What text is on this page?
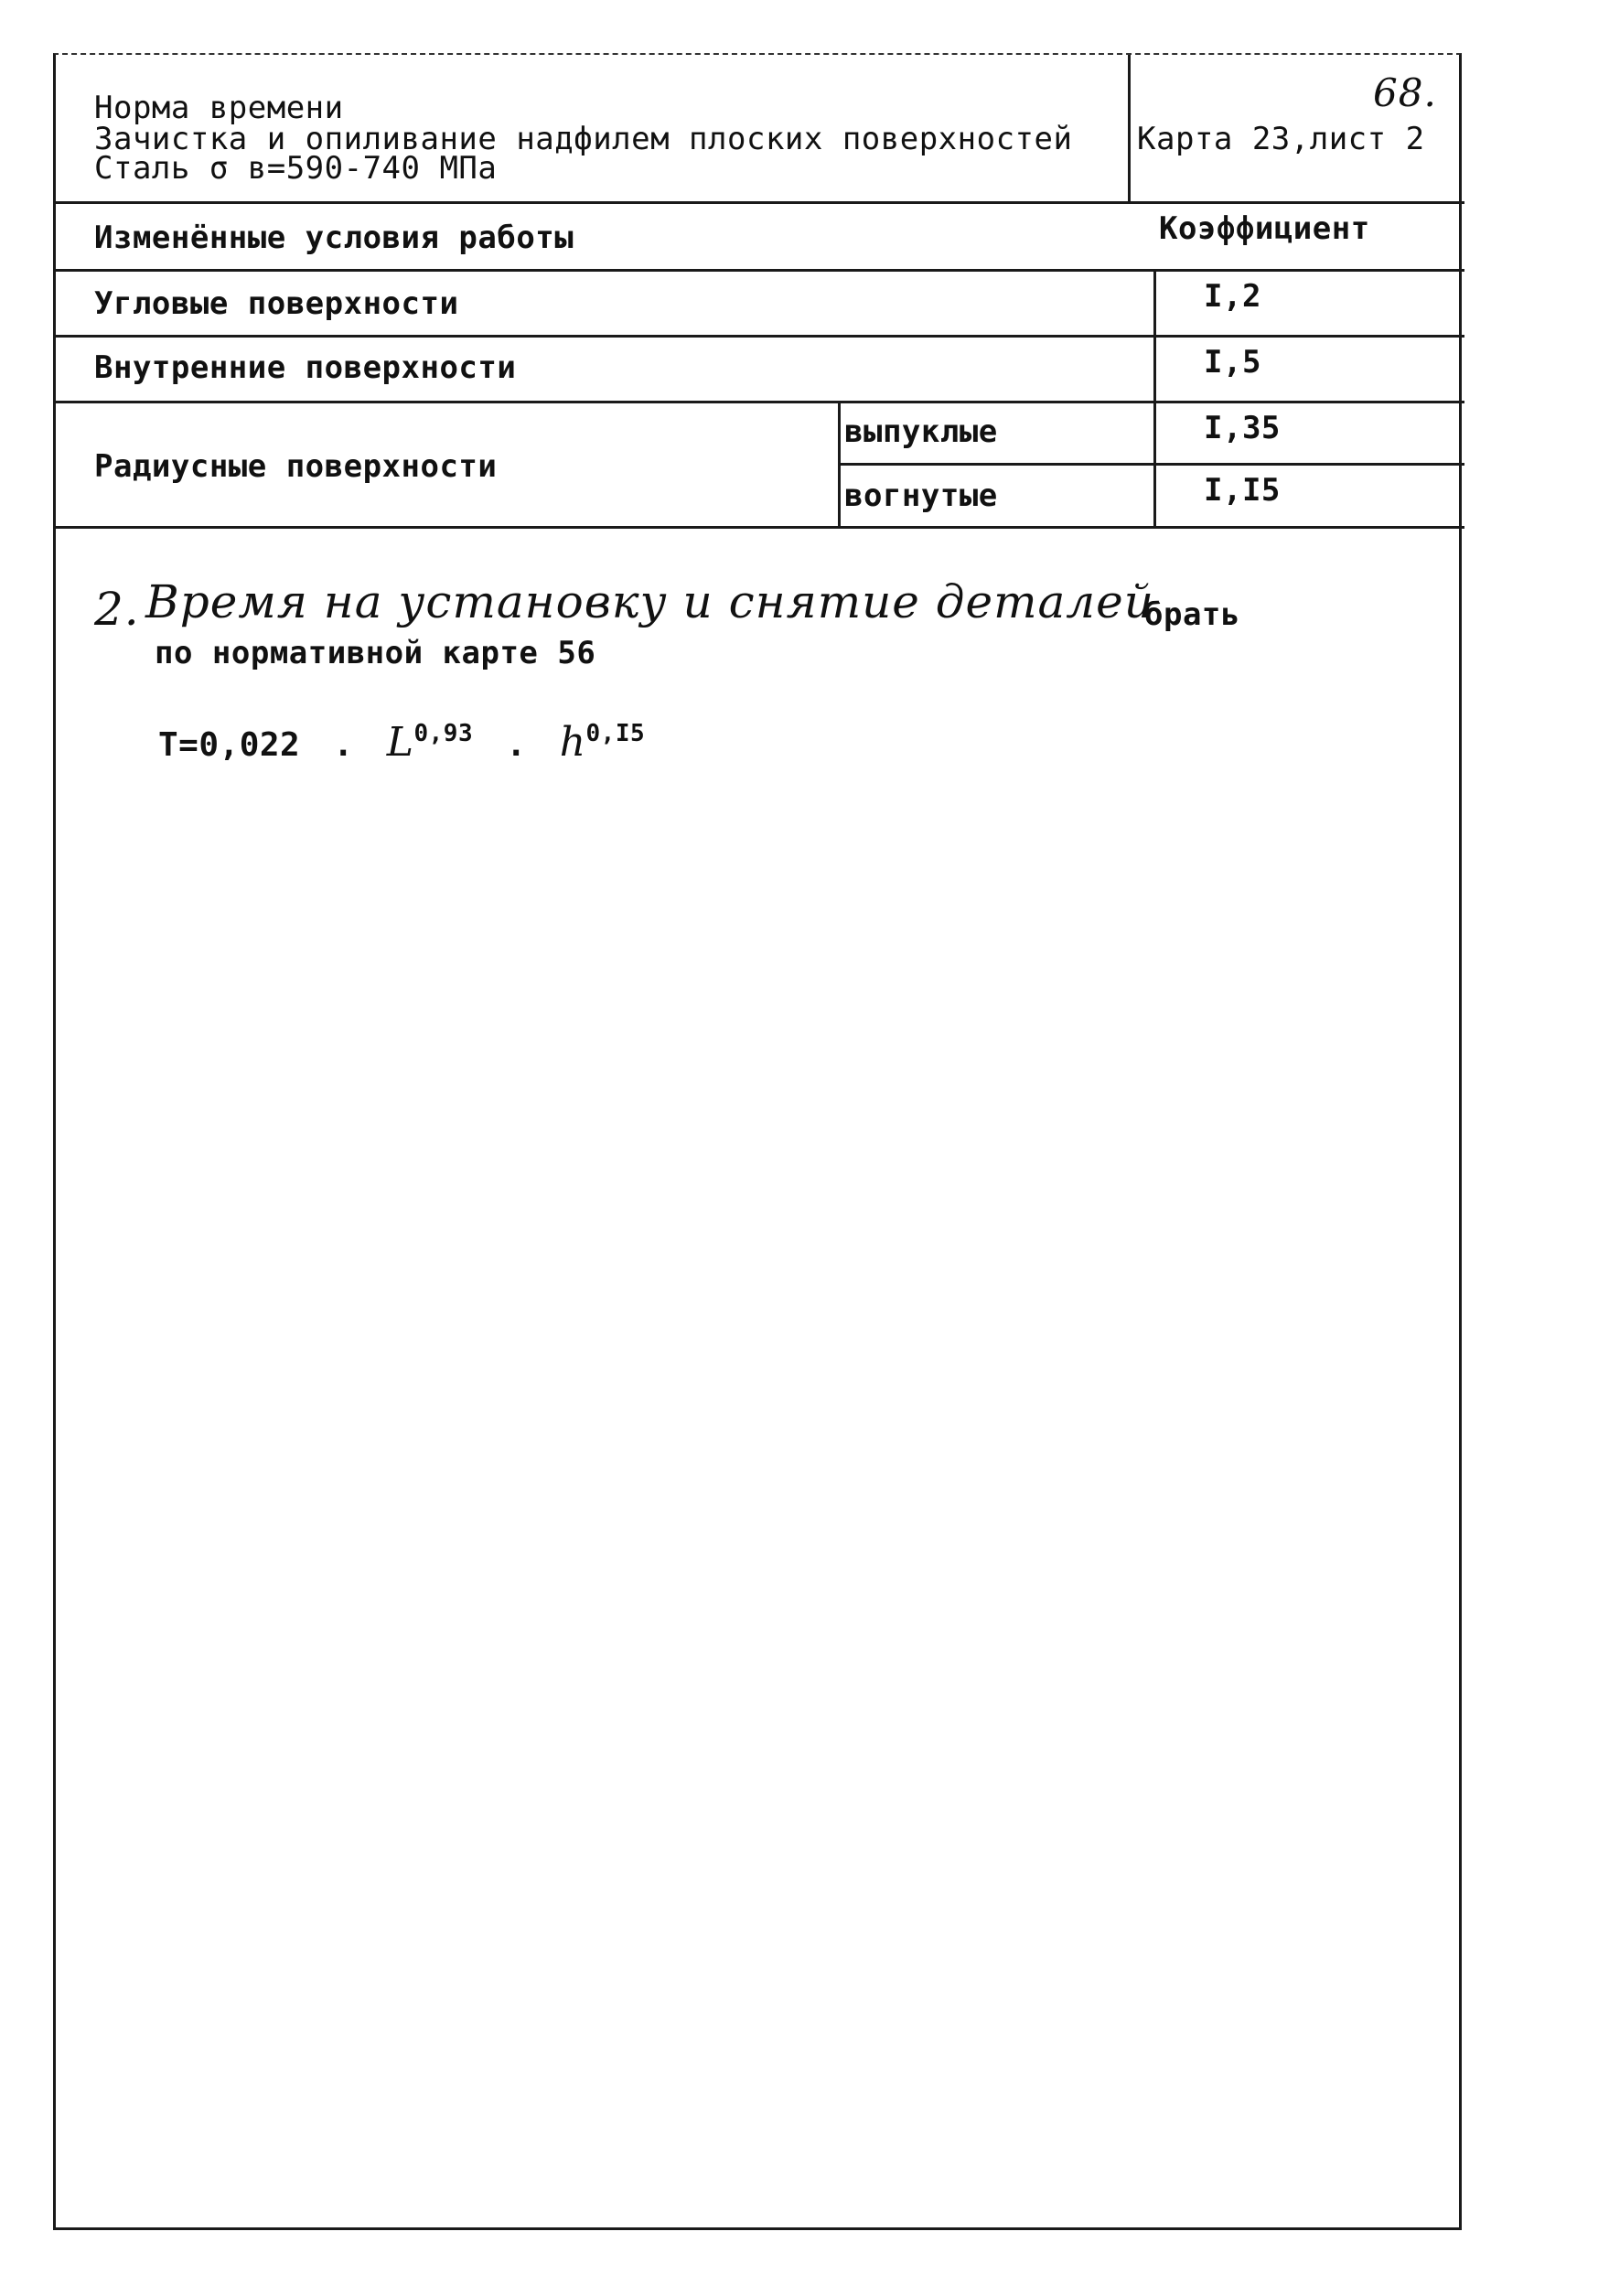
Норма времени
Зачистка и опиливание надфилем плоских поверхностей
Сталь σ в=590-740 МПа
68.
Карта 23,лист 2
Изменённые условия работы	Коэффициент
Угловые поверхности	I,2
Внутренние поверхности	I,5
Радиусные поверхности
выпуклые	I,35
вогнутые	I,I5
2. Время на установку и снятие деталей
брать
по нормативной карте 56
T=0,022 . L$^{0,93}$ . $h^{0,I5}$
